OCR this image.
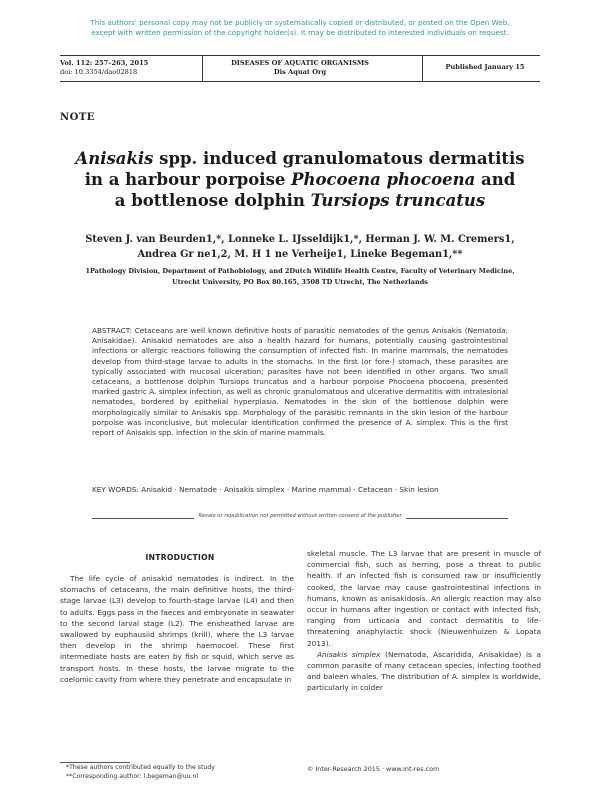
This authors' personal copy may not be publicly or systematically copied or distributed, or posted on the Open Web,
except with written permission of the copyright holder(s). It may be distributed to interested individuals on request.
Vol. 112: 257–263, 2015
doi: 10.3354/dao02818
DISEASES OF AQUATIC ORGANISMS
Dis Aquat Org
Published January 15
NOTE
Anisakis spp. induced granulomatous dermatitis
in a harbour porpoise Phocoena phocoena and
a bottlenose dolphin Tursiops truncatus
Steven J. van Beurden1,*, Lonneke L. IJsseldijk1,*, Herman J. W. M. Cremers1,
Andrea Gr ne1,2, M. H 1 ne Verheije1, Lineke Begeman1,**
1Pathology Division, Department of Pathobiology, and 2Dutch Wildlife Health Centre, Faculty of Veterinary Medicine,
Utrecht University, PO Box 80.165, 3508 TD Utrecht, The Netherlands
ABSTRACT: Cetaceans are well known definitive hosts of parasitic nematodes of the genus Anisakis (Nematoda: Anisakidae). Anisakid nematodes are also a health hazard for humans, potentially causing gastrointestinal infections or allergic reactions following the consumption of infected fish. In marine mammals, the nematodes develop from third-stage larvae to adults in the stomachs. In the first (or fore-) stomach, these parasites are typically associated with mucosal ulceration; parasites have not been identified in other organs. Two small cetaceans, a bottlenose dolphin Tursiops truncatus and a harbour porpoise Phocoena phocoena, presented marked gastric A. simplex infection, as well as chronic granulomatous and ulcerative dermatitis with intralesional nematodes, bordered by epithelial hyperplasia. Nematodes in the skin of the bottlenose dolphin were morphologically similar to Anisakis spp. Morphology of the parasitic remnants in the skin lesion of the harbour porpoise was inconclusive, but molecular identification confirmed the presence of A. simplex. This is the first report of Anisakis spp. infection in the skin of marine mammals.
KEY WORDS: Anisakid · Nematode · Anisakis simplex · Marine mammal · Cetacean · Skin lesion
Resale or republication not permitted without written consent of the publisher
INTRODUCTION

The life cycle of anisakid nematodes is indirect. In the stomachs of cetaceans, the main definitive hosts, the third-stage larvae (L3) develop to fourth-stage larvae (L4) and then to adults. Eggs pass in the faeces and embryonate in seawater to the second larval stage (L2). The ensheathed larvae are swallowed by euphausiid shrimps (krill), where the L3 larvae then develop in the shrimp haemocoel. These first intermediate hosts are eaten by fish or squid, which serve as transport hosts. In these hosts, the larvae migrate to the coelomic cavity from where they penetrate and encapsulate in

skeletal muscle. The L3 larvae that are present in muscle of commercial fish, such as herring, pose a threat to public health. If an infected fish is consumed raw or insufficiently cooked, the larvae may cause gastrointestinal infections in humans, known as anisakidosis. An allergic reaction may also occur in humans after ingestion or contact with infected fish, ranging from urticaria and contact dermatitis to life-threatening anaphylactic shock (Nieuwenhuizen & Lopata 2013).

Anisakis simplex (Nematoda, Ascaridida, Anisakidae) is a common parasite of many cetacean species, infecting toothed and baleen whales. The distribution of A. simplex is worldwide, particularly in colder

*These authors contributed equally to the study
**Corresponding author: l.begeman@uu.nl
© Inter-Research 2015 · www.int-res.com
